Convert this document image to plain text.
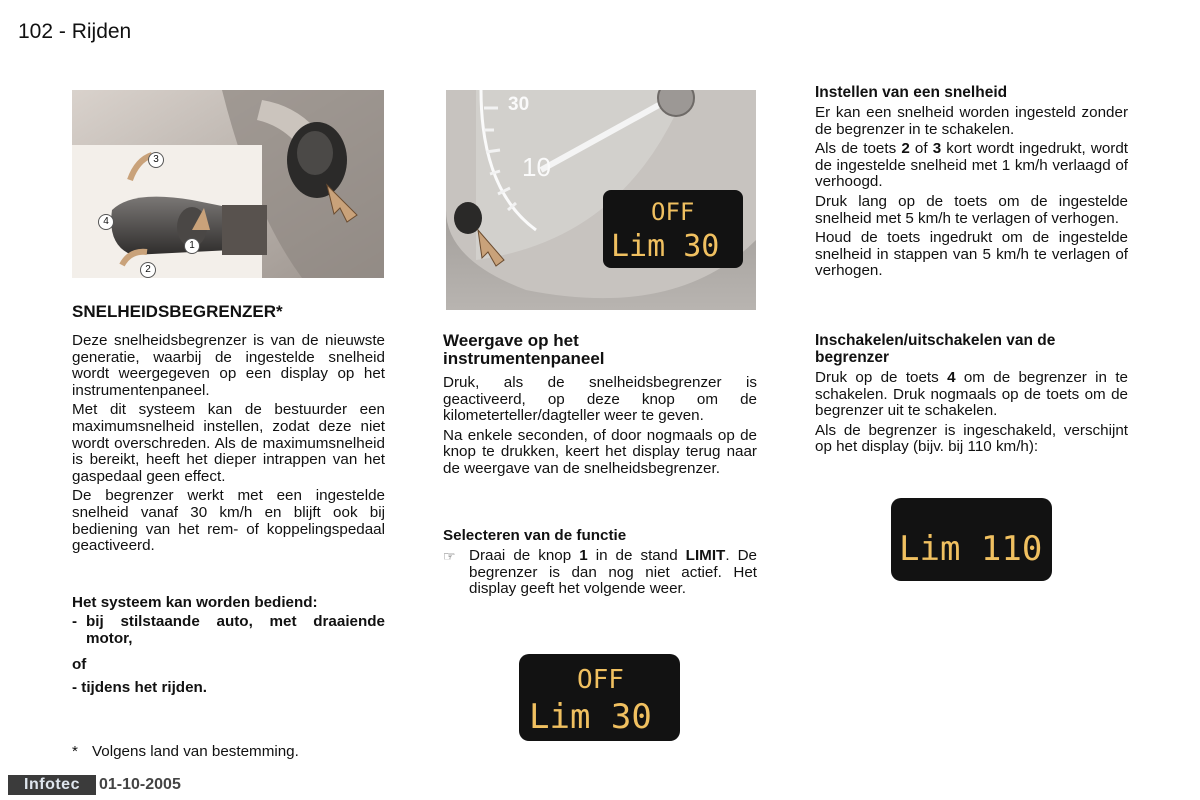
102 - Rijden
3
4
1
2
SNELHEIDSBEGRENZER*

Deze snelheidsbegrenzer is van de nieuwste generatie, waarbij de ingestelde snelheid wordt weergegeven op een display op het instrumentenpaneel.

Met dit systeem kan de bestuurder een maximumsnelheid instellen, zodat deze niet wordt overschreden. Als de maximumsnelheid is bereikt, heeft het dieper intrappen van het gaspedaal geen effect.

De begrenzer werkt met een ingestelde snelheid vanaf 30 km/h en blijft ook bij bediening van het rem- of koppelingspedaal geactiveerd.

Het systeem kan worden bediend:
- bij stilstaande auto, met draaiende motor,
of
- tijdens het rijden.
* Volgens land van bestemming.
30
10
OFF
Lim 30
Weergave op het instrumentenpaneel

Druk, als de snelheidsbegrenzer is geactiveerd, op deze knop om de kilometerteller/dagteller weer te geven.

Na enkele seconden, of door nogmaals op de knop te drukken, keert het display terug naar de weergave van de snelheidsbegrenzer.

Selecteren van de functie
☞ Draai de knop 1 in de stand LIMIT. De begrenzer is dan nog niet actief. Het display geeft het volgende weer.

OFF
Lim 30
Instellen van een snelheid

Er kan een snelheid worden ingesteld zonder de begrenzer in te schakelen.

Als de toets 2 of 3 kort wordt ingedrukt, wordt de ingestelde snelheid met 1 km/h verlaagd of verhoogd.

Druk lang op de toets om de ingestelde snelheid met 5 km/h te verlagen of verhogen.

Houd de toets ingedrukt om de ingestelde snelheid in stappen van 5 km/h te verlagen of verhogen.

Inschakelen/uitschakelen van de begrenzer

Druk op de toets 4 om de begrenzer in te schakelen. Druk nogmaals op de toets om de begrenzer uit te schakelen.

Als de begrenzer is ingeschakeld, verschijnt op het display (bijv. bij 110 km/h):

Lim 110
Infotec	01-10-2005
